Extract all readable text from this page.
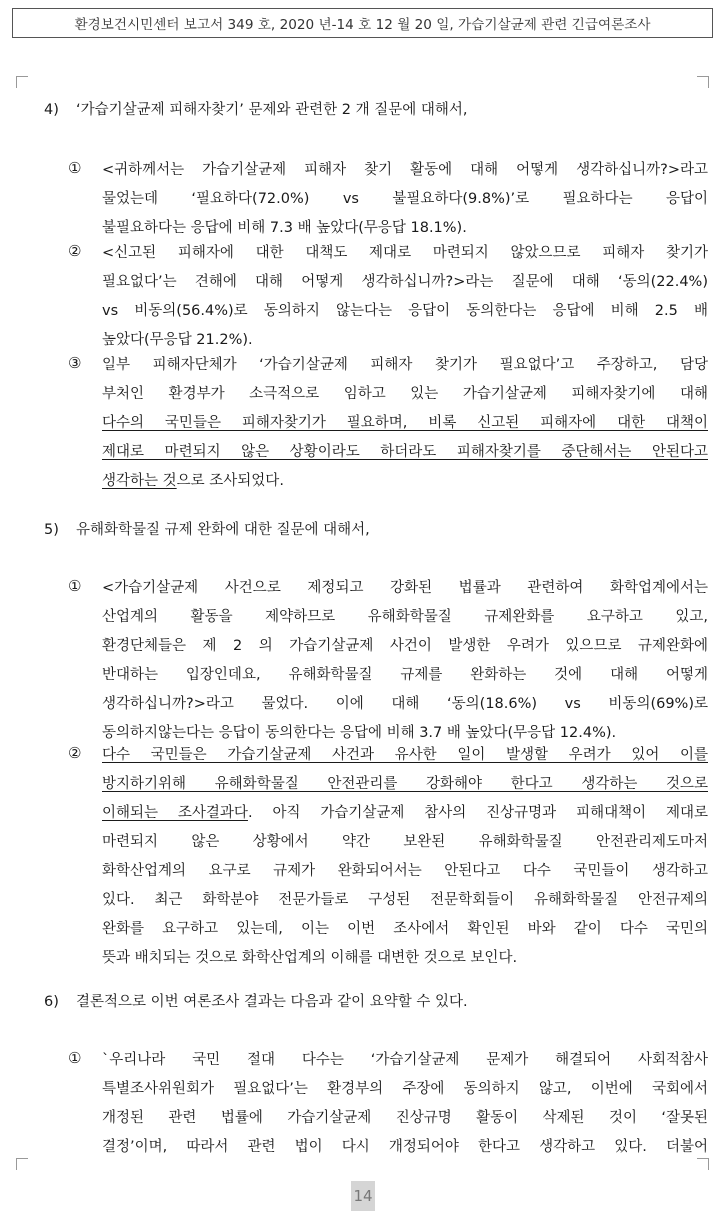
환경보건시민센터 보고서 349 호, 2020 년-14 호 12 월 20 일, 가습기살균제 관련 긴급여론조사
4) ‘가습기살균제 피해자찾기’ 문제와 관련한 2 개 질문에 대해서,
① <귀하께서는 가습기살균제 피해자 찾기 활동에 대해 어떻게 생각하십니까?>라고
물었는데 ‘필요하다(72.0%) vs 불필요하다(9.8%)’로 필요하다는 응답이
불필요하다는 응답에 비해 7.3 배 높았다(무응답 18.1%).
② <신고된 피해자에 대한 대책도 제대로 마련되지 않았으므로 피해자 찾기가
필요없다’는 견해에 대해 어떻게 생각하십니까?>라는 질문에 대해 ‘동의(22.4%)
vs 비동의(56.4%)로 동의하지 않는다는 응답이 동의한다는 응답에 비해 2.5 배
높았다(무응답 21.2%).
③ 일부 피해자단체가 ‘가습기살균제 피해자 찾기가 필요없다’고 주장하고, 담당
부처인 환경부가 소극적으로 임하고 있는 가습기살균제 피해자찾기에 대해
다수의 국민들은 피해자찾기가 필요하며, 비록 신고된 피해자에 대한 대책이
제대로 마련되지 않은 상황이라도 하더라도 피해자찾기를 중단해서는 안된다고
생각하는 것으로 조사되었다.
5) 유해화학물질 규제 완화에 대한 질문에 대해서,
① <가습기살균제 사건으로 제정되고 강화된 법률과 관련하여 화학업계에서는
산업계의 활동을 제약하므로 유해화학물질 규제완화를 요구하고 있고,
환경단체들은 제 2 의 가습기살균제 사건이 발생한 우려가 있으므로 규제완화에
반대하는 입장인데요, 유해화학물질 규제를 완화하는 것에 대해 어떻게
생각하십니까?>라고 물었다. 이에 대해 ‘동의(18.6%) vs 비동의(69%)로
동의하지않는다는 응답이 동의한다는 응답에 비해 3.7 배 높았다(무응답 12.4%).
② 다수 국민들은 가습기살균제 사건과 유사한 일이 발생할 우려가 있어 이를
방지하기위해 유해화학물질 안전관리를 강화해야 한다고 생각하는 것으로
이해되는 조사결과다. 아직 가습기살균제 참사의 진상규명과 피해대책이 제대로
마련되지 않은 상황에서 약간 보완된 유해화학물질 안전관리제도마저
화학산업계의 요구로 규제가 완화되어서는 안된다고 다수 국민들이 생각하고
있다. 최근 화학분야 전문가들로 구성된 전문학회들이 유해화학물질 안전규제의
완화를 요구하고 있는데, 이는 이번 조사에서 확인된 바와 같이 다수 국민의
뜻과 배치되는 것으로 화학산업계의 이해를 대변한 것으로 보인다.
6) 결론적으로 이번 여론조사 결과는 다음과 같이 요약할 수 있다.
① `우리나라 국민 절대 다수는 ‘가습기살균제 문제가 해결되어 사회적참사
특별조사위원회가 필요없다’는 환경부의 주장에 동의하지 않고, 이번에 국회에서
개정된 관련 법률에 가습기살균제 진상규명 활동이 삭제된 것이 ‘잘못된
결정’이며, 따라서 관련 법이 다시 개정되어야 한다고 생각하고 있다. 더불어
14
